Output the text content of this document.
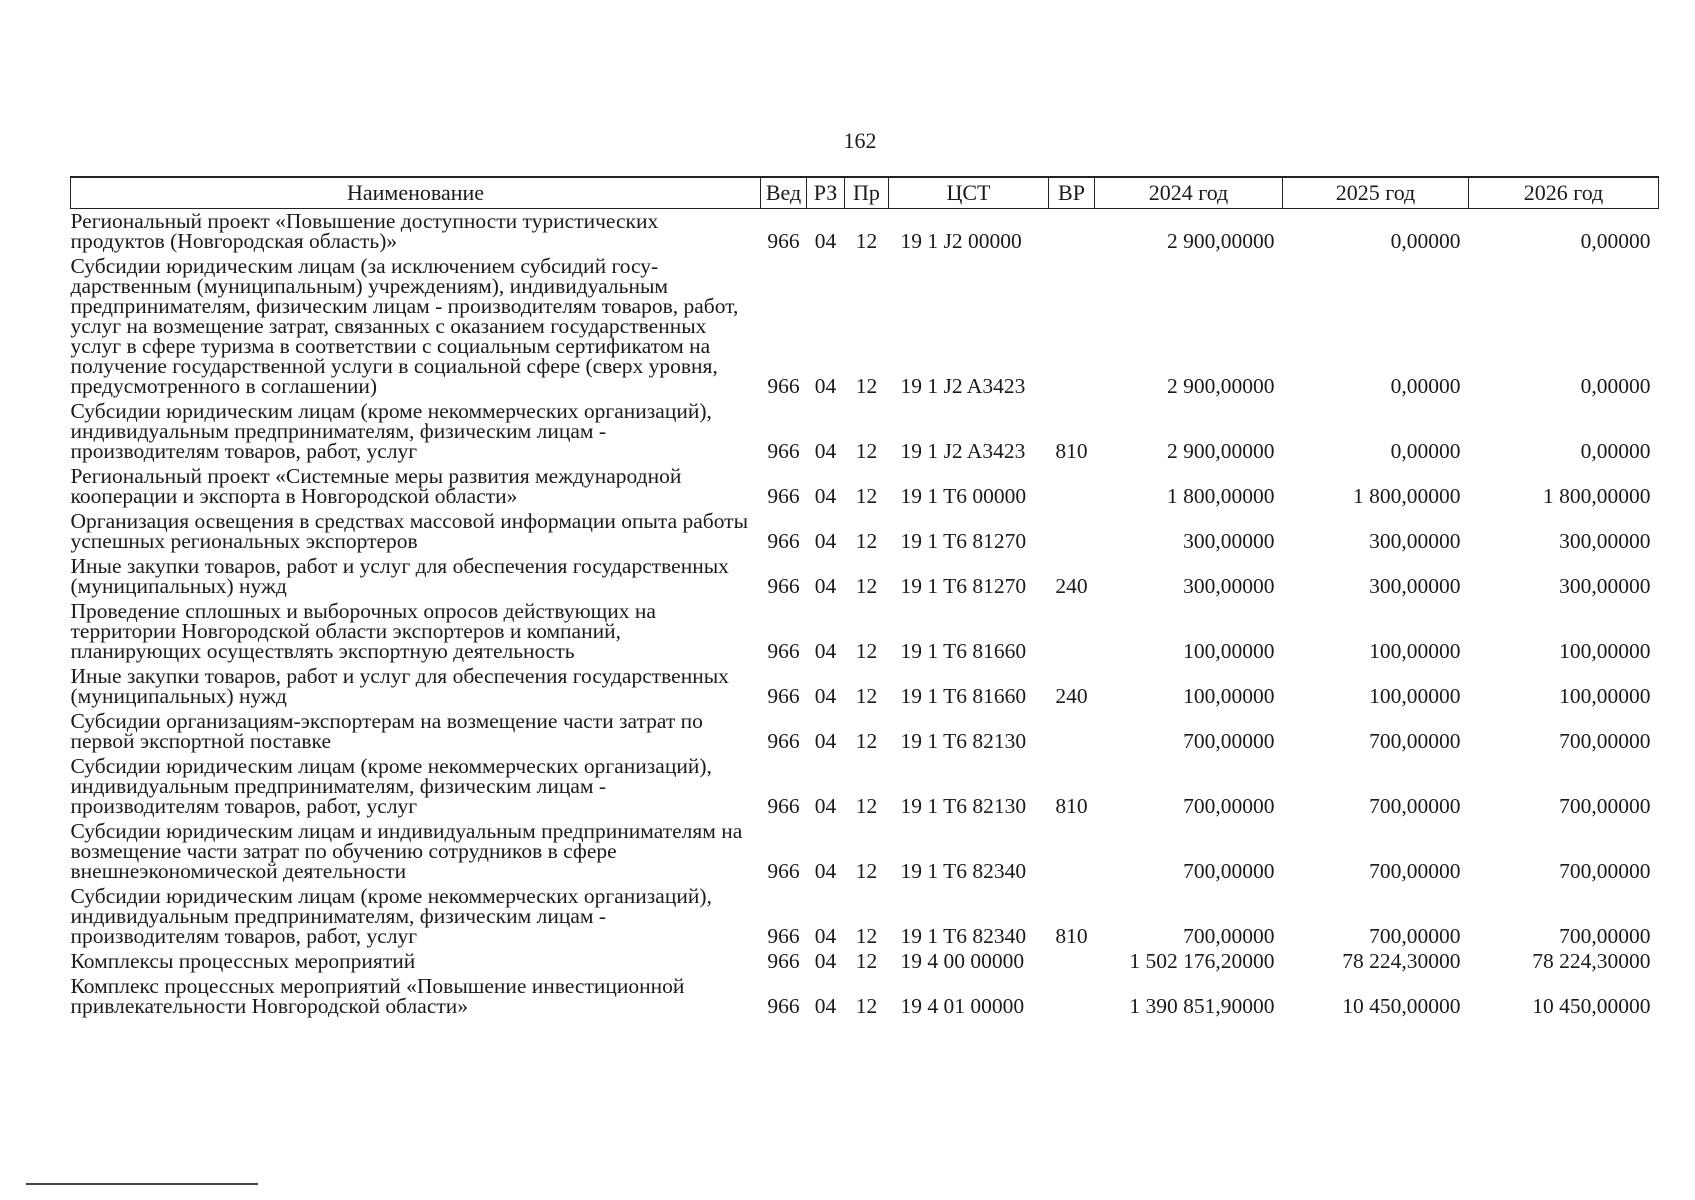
162
Наименование	Вед	РЗ	Пр	ЦСТ	ВР	2024 год	2025 год	2026 год
Региональный проект «Повышение доступности туристических продуктов (Новгородская область)»	966	04	12	19 1 J2 00000		2 900,00000	0,00000	0,00000
Субсидии юридическим лицам (за исключением субсидий государственным (муниципальным) учреждениям), индивидуальным предпринимателям, физическим лицам - производителям товаров, работ, услуг на возмещение затрат, связанных с оказанием государственных услуг в сфере туризма в соответствии с социальным сертификатом на получение государственной услуги в социальной сфере (сверх уровня, предусмотренного в соглашении)	966	04	12	19 1 J2 A3423		2 900,00000	0,00000	0,00000
Субсидии юридическим лицам (кроме некоммерческих организаций), индивидуальным предпринимателям, физическим лицам - производителям товаров, работ, услуг	966	04	12	19 1 J2 A3423	810	2 900,00000	0,00000	0,00000
Региональный проект «Системные меры развития международной кооперации и экспорта в Новгородской области»	966	04	12	19 1 T6 00000		1 800,00000	1 800,00000	1 800,00000
Организация освещения в средствах массовой информации опыта работы успешных региональных экспортеров	966	04	12	19 1 T6 81270		300,00000	300,00000	300,00000
Иные закупки товаров, работ и услуг для обеспечения государственных (муниципальных) нужд	966	04	12	19 1 T6 81270	240	300,00000	300,00000	300,00000
Проведение сплошных и выборочных опросов действующих на территории Новгородской области экспортеров и компаний, планирующих осуществлять экспортную деятельность	966	04	12	19 1 T6 81660		100,00000	100,00000	100,00000
Иные закупки товаров, работ и услуг для обеспечения государственных (муниципальных) нужд	966	04	12	19 1 T6 81660	240	100,00000	100,00000	100,00000
Субсидии организациям-экспортерам на возмещение части затрат по первой экспортной поставке	966	04	12	19 1 T6 82130		700,00000	700,00000	700,00000
Субсидии юридическим лицам (кроме некоммерческих организаций), индивидуальным предпринимателям, физическим лицам - производителям товаров, работ, услуг	966	04	12	19 1 T6 82130	810	700,00000	700,00000	700,00000
Субсидии юридическим лицам и индивидуальным предпринимателям на возмещение части затрат по обучению сотрудников в сфере внешнеэкономической деятельности	966	04	12	19 1 T6 82340		700,00000	700,00000	700,00000
Субсидии юридическим лицам (кроме некоммерческих организаций), индивидуальным предпринимателям, физическим лицам - производителям товаров, работ, услуг	966	04	12	19 1 T6 82340	810	700,00000	700,00000	700,00000
Комплексы процессных мероприятий	966	04	12	19 4 00 00000		1 502 176,20000	78 224,30000	78 224,30000
Комплекс процессных мероприятий «Повышение инвестиционной привлекательности Новгородской области»	966	04	12	19 4 01 00000		1 390 851,90000	10 450,00000	10 450,00000
